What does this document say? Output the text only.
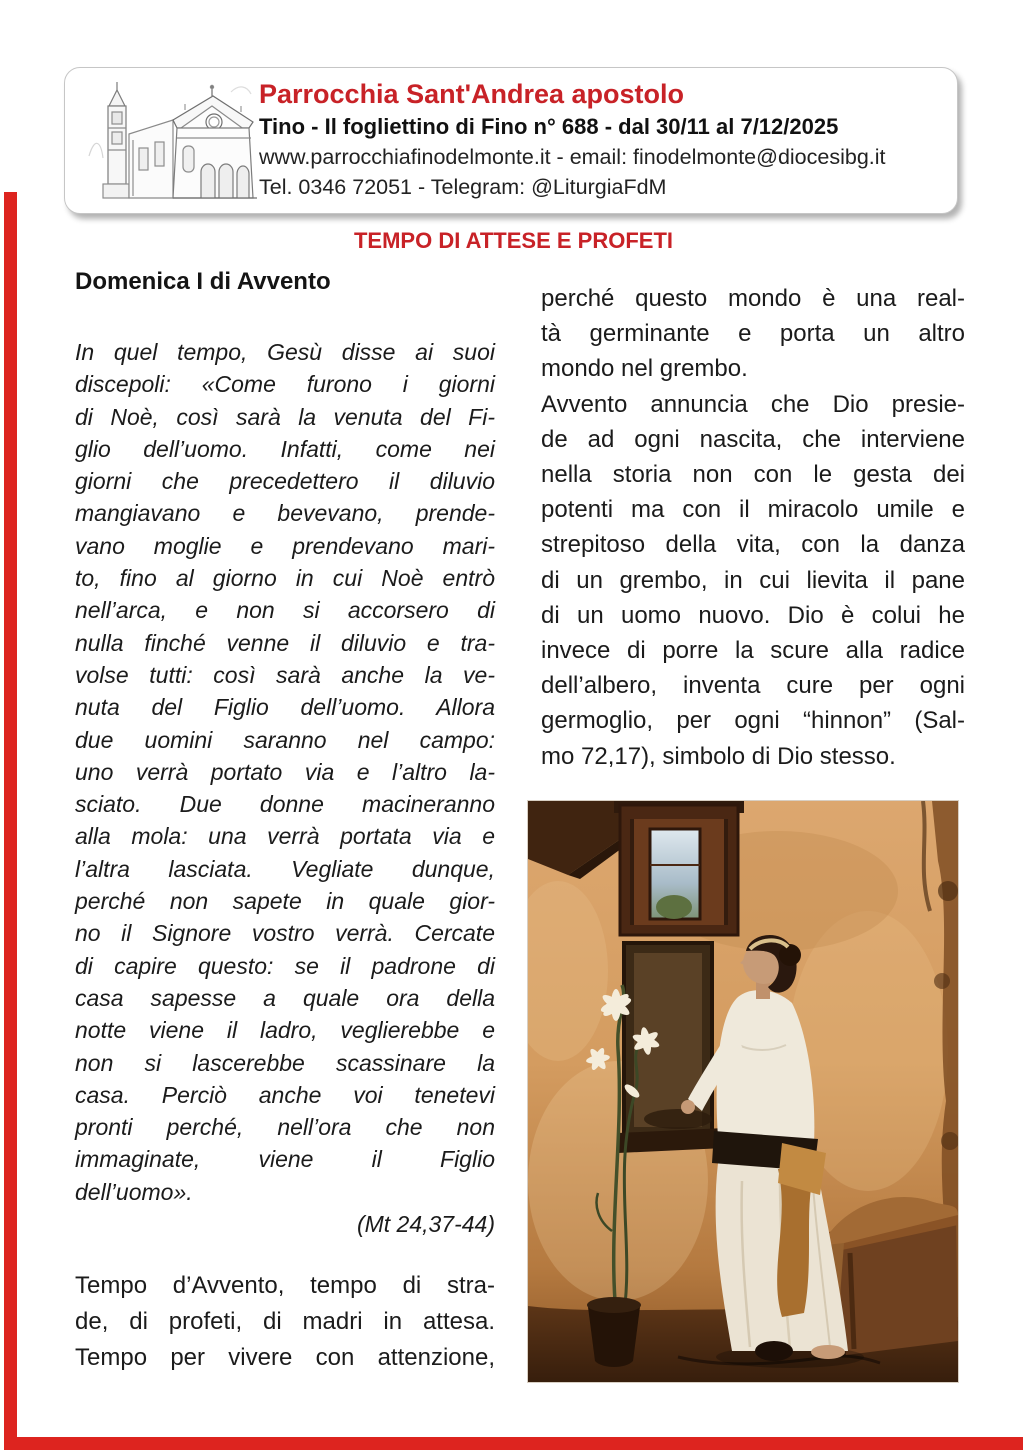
Parrocchia Sant'Andrea apostolo
Tino - Il fogliettino di Fino n° 688 - dal 30/11 al 7/12/2025
www.parrocchiafinodelmonte.it - email: finodelmonte@diocesibg.it
Tel. 0346 72051 - Telegram: @LiturgiaFdM
TEMPO DI ATTESE E PROFETI
Domenica I di Avvento
In quel tempo, Gesù disse ai suoi
discepoli: «Come furono i giorni
di Noè, così sarà la venuta del Fi-
glio dell’uomo. Infatti, come nei
giorni che precedettero il diluvio
mangiavano e bevevano, prende-
vano moglie e prendevano mari-
to, fino al giorno in cui Noè entrò
nell’arca, e non si accorsero di
nulla finché venne il diluvio e tra-
volse tutti: così sarà anche la ve-
nuta del Figlio dell’uomo. Allora
due uomini saranno nel campo:
uno verrà portato via e l’altro la-
sciato. Due donne macineranno
alla mola: una verrà portata via e
l’altra lasciata. Vegliate dunque,
perché non sapete in quale gior-
no il Signore vostro verrà. Cercate
di capire questo: se il padrone di
casa sapesse a quale ora della
notte viene il ladro, veglierebbe e
non si lascerebbe scassinare la
casa. Perciò anche voi tenetevi
pronti perché, nell’ora che non
immaginate, viene il Figlio
dell’uomo».
(Mt 24,37-44)
Tempo d’Avvento, tempo di stra-
de, di profeti, di madri in attesa.
Tempo per vivere con attenzione,
perché questo mondo è una real-
tà germinante e porta un altro
mondo nel grembo.
Avvento annuncia che Dio presie-
de ad ogni nascita, che interviene
nella storia non con le gesta dei
potenti ma con il miracolo umile e
strepitoso della vita, con la danza
di un grembo, in cui lievita il pane
di un uomo nuovo. Dio è colui he
invece di porre la scure alla radice
dell’albero, inventa cure per ogni
germoglio, per ogni “hinnon” (Sal-
mo 72,17), simbolo di Dio stesso.
